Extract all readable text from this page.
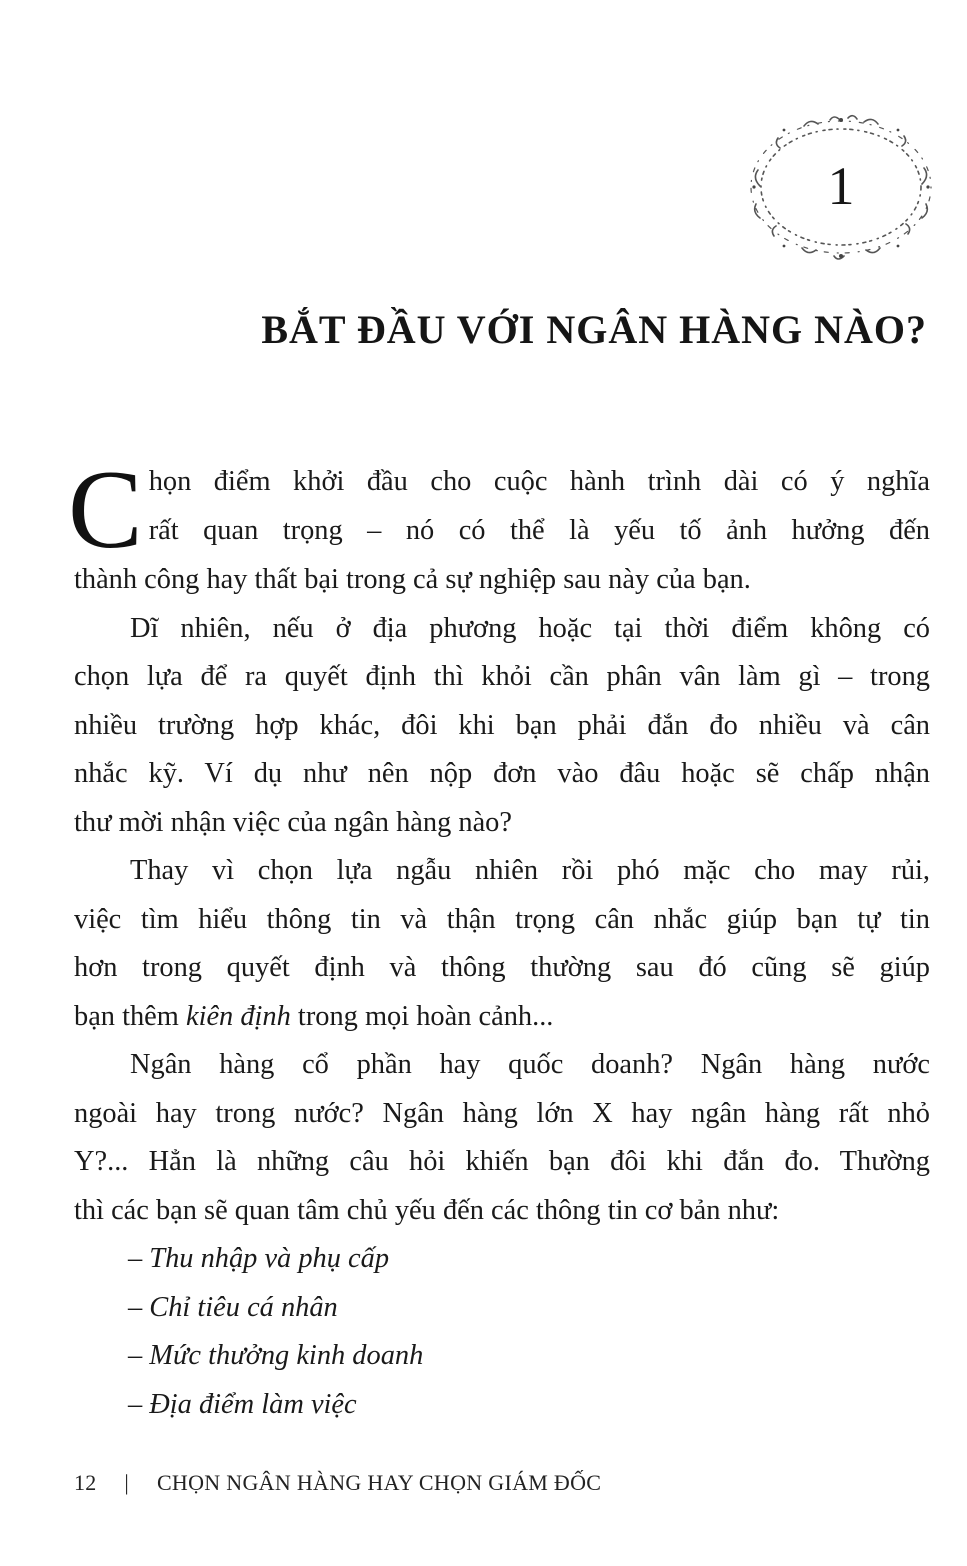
1
BẮT ĐẦU VỚI NGÂN HÀNG NÀO?
C họn điểm khởi đầu cho cuộc hành trình dài có ý nghĩa
rất quan trọng – nó có thể là yếu tố ảnh hưởng đến
thành công hay thất bại trong cả sự nghiệp sau này của bạn.
Dĩ nhiên, nếu ở địa phương hoặc tại thời điểm không có
chọn lựa để ra quyết định thì khỏi cần phân vân làm gì – trong
nhiều trường hợp khác, đôi khi bạn phải đắn đo nhiều và cân
nhắc kỹ. Ví dụ như nên nộp đơn vào đâu hoặc sẽ chấp nhận
thư mời nhận việc của ngân hàng nào?
Thay vì chọn lựa ngẫu nhiên rồi phó mặc cho may rủi,
việc tìm hiểu thông tin và thận trọng cân nhắc giúp bạn tự tin
hơn trong quyết định và thông thường sau đó cũng sẽ giúp
bạn thêm kiên định trong mọi hoàn cảnh...
Ngân hàng cổ phần hay quốc doanh? Ngân hàng nước
ngoài hay trong nước? Ngân hàng lớn X hay ngân hàng rất nhỏ
Y?... Hẳn là những câu hỏi khiến bạn đôi khi đắn đo. Thường
thì các bạn sẽ quan tâm chủ yếu đến các thông tin cơ bản như:
– Thu nhập và phụ cấp
– Chỉ tiêu cá nhân
– Mức thưởng kinh doanh
– Địa điểm làm việc
12 | CHỌN NGÂN HÀNG HAY CHỌN GIÁM ĐỐC
